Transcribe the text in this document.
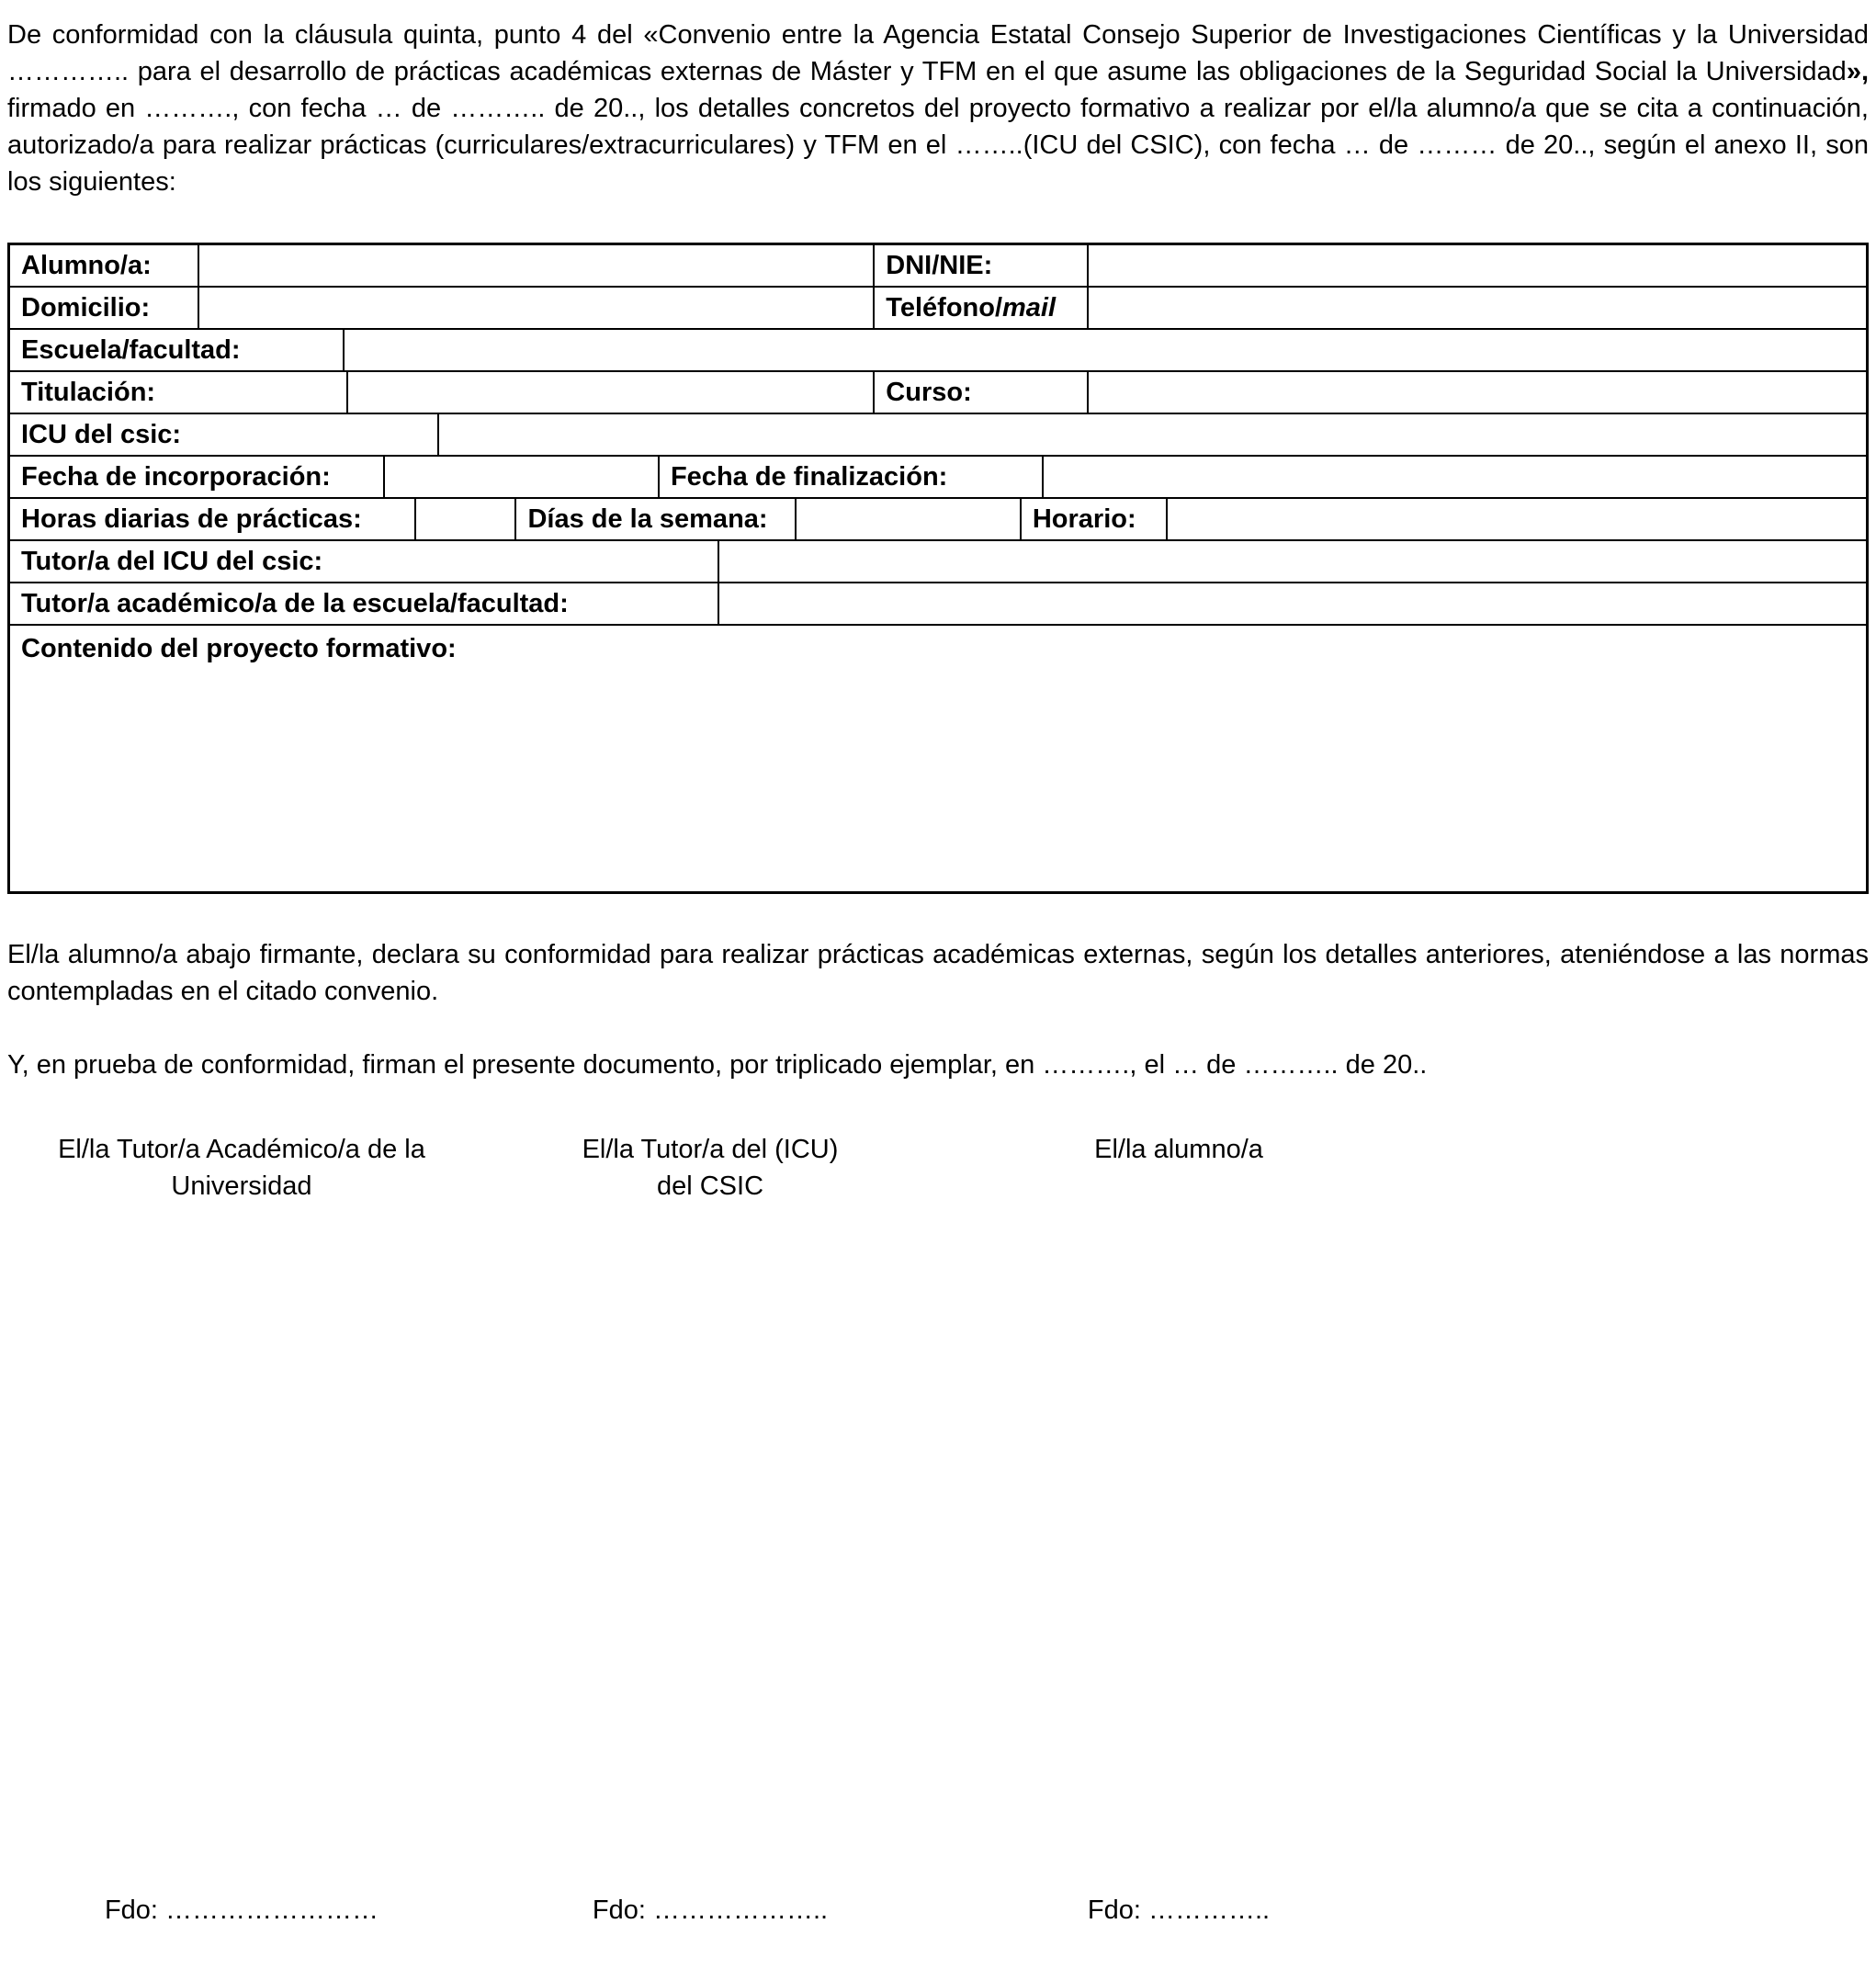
De conformidad con la cláusula quinta, punto 4 del «Convenio entre la Agencia Estatal Consejo Superior de Investigaciones Científicas y la Universidad ………….. para el desarrollo de prácticas académicas externas de Máster y TFM en el que asume las obligaciones de la Seguridad Social la Universidad», firmado en ………., con fecha … de ……….. de 20.., los detalles concretos del proyecto formativo a realizar por el/la alumno/a que se cita a continuación, autorizado/a para realizar prácticas (curriculares/extracurriculares) y TFM en el ……..(ICU del CSIC), con fecha … de ……… de 20.., según el anexo II, son los siguientes:

Alumno/a:	DNI/NIE:
Domicilio:	Teléfono/ mail
Escuela/facultad:
Titulación:	Curso:
ICU del csic:
Fecha de incorporación:	Fecha de finalización:
Horas diarias de prácticas:	Días de la semana:	Horario:
Tutor/a del ICU del csic:
Tutor/a académico/a de la escuela/facultad:
Contenido del proyecto formativo:

El/la alumno/a abajo firmante, declara su conformidad para realizar prácticas académicas externas, según los detalles anteriores, ateniéndose a las normas contempladas en el citado convenio.

Y, en prueba de conformidad, firman el presente documento, por triplicado ejemplar, en ………., el … de ……….. de 20..

El/la Tutor/a Académico/a de la
Universidad
El/la Tutor/a del (ICU)
del CSIC
El/la alumno/a
Fdo: ……………………	Fdo: ………………..	Fdo: …………..
